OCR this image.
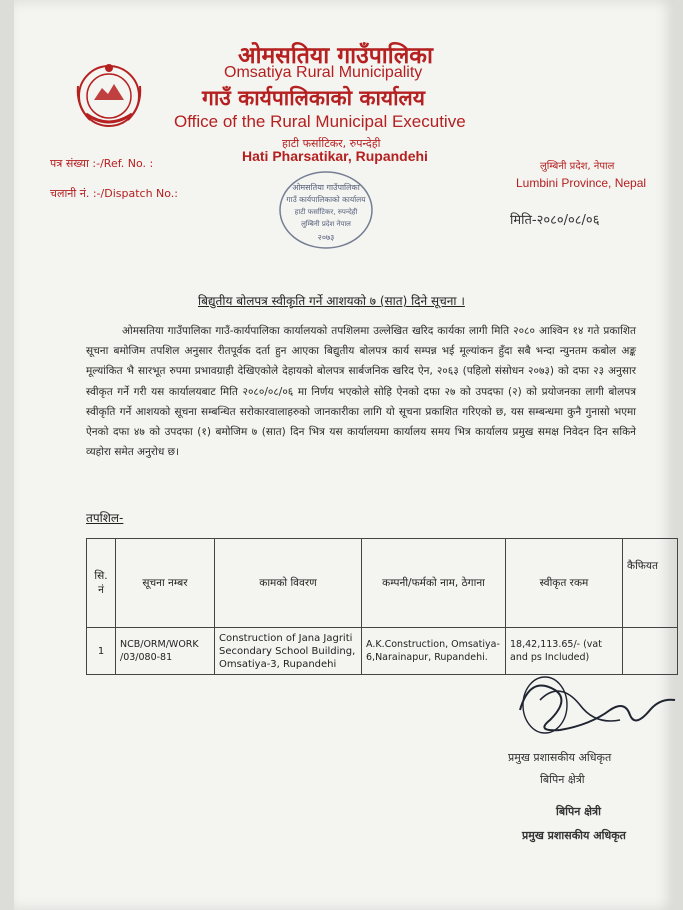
ओमसतिया गाउँपालिका
Omsatiya Rural Municipality
गाउँ कार्यपालिकाको कार्यालय
Office of the Rural Municipal Executive
हाटी फर्साटिकर, रुपन्देही
Hati Pharsatikar, Rupandehi
पत्र संख्या :-/Ref. No. :
चलानी नं. :-/Dispatch No.:
लुम्बिनी प्रदेश, नेपाल
Lumbini Province, Nepal
मिति-२०८०/०८/०६
ओमसतिया गाउँपालिका
गाउँ कार्यपालिकाको कार्यालय
हाटी फर्साटिकर, रुपन्देही
लुम्बिनी प्रदेश नेपाल
२०७३
बिद्युतीय बोलपत्र स्वीकृति गर्ने आशयको ७ (सात) दिने सूचना ।
ओमसतिया गाउँपालिका गाउँ-कार्यपालिका कार्यालयको तपशिलमा उल्लेखित खरिद कार्यका लागी मिति २०८० आश्विन १४ गते प्रकाशित सूचना बमोजिम तपशिल अनुसार रीतपूर्वक दर्ता हुन आएका बिद्युतीय बोलपत्र कार्य सम्पन्न भई मूल्यांकन हुँदा सबै भन्दा न्युनतम कबोल अङ्क मूल्यांकित भै सारभूत रुपमा प्रभावग्राही देखिएकोले देहायको बोलपत्र सार्बजनिक खरिद ऐन, २०६३ (पहिलो संसोधन २०७३) को दफा २३ अनुसार स्वीकृत गर्ने गरी यस कार्यालयबाट मिति २०८०/०८/०६ मा निर्णय भएकोले सोहि ऐनको दफा २७ को उपदफा (२) को प्रयोजनका लागी बोलपत्र स्वीकृति गर्ने आशयको सूचना सम्बन्धित सरोकारवालाहरुको जानकारीका लागि यो सूचना प्रकाशित गरिएको छ, यस सम्बन्धमा कुनै गुनासो भएमा ऐनको दफा ४७ को उपदफा (१) बमोजिम ७ (सात) दिन भित्र यस कार्यालयमा कार्यालय समय भित्र कार्यालय प्रमुख समक्ष निवेदन दिन सकिने व्यहोरा समेत अनुरोध छ।
तपशिल-
सि. नं	सूचना नम्बर	कामको विवरण	कम्पनी/फर्मको नाम, ठेगाना	स्वीकृत रकम	कैफियत
1	NCB/ORM/WORK /03/080-81	Construction of Jana Jagriti Secondary School Building, Omsatiya-3, Rupandehi	A.K.Construction, Omsatiya-6,Narainapur, Rupandehi.	18,42,113.65/- (vat and ps Included)	
प्रमुख प्रशासकीय अधिकृत
बिपिन क्षेत्री
बिपिन क्षेत्री
प्रमुख प्रशासकीय अधिकृत
